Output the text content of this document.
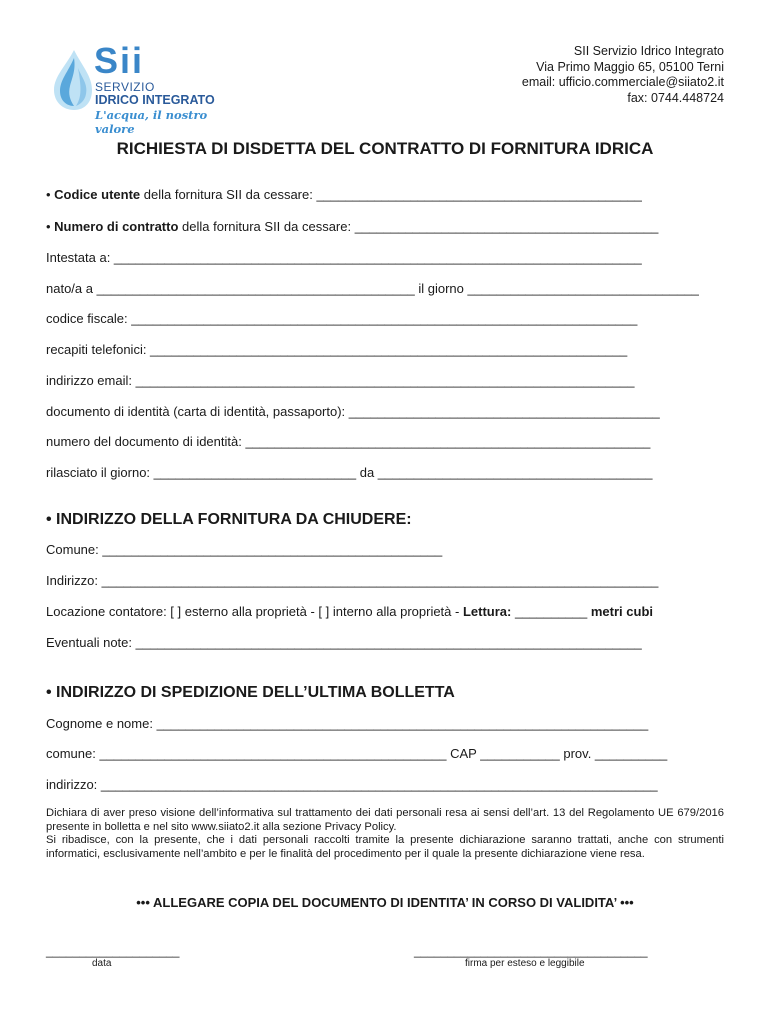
Sii
SERVIZIO
IDRICO INTEGRATO
L'acqua, il nostro valore
SII Servizio Idrico Integrato
Via Primo Maggio 65, 05100 Terni
email: ufficio.commerciale@siiato2.it
fax: 0744.448724
RICHIESTA DI DISDETTA DEL CONTRATTO DI FORNITURA IDRICA
• Codice utente della fornitura SII da cessare: _____________________________________________
• Numero di contratto della fornitura SII da cessare: __________________________________________
Intestata a: _________________________________________________________________________
nato/a a ____________________________________________ il giorno ________________________________
codice fiscale: ______________________________________________________________________
recapiti telefonici: __________________________________________________________________
indirizzo email: _____________________________________________________________________
documento di identità (carta di identità, passaporto): ___________________________________________
numero del documento di identità: ________________________________________________________
rilasciato il giorno: ____________________________ da ______________________________________
• INDIRIZZO DELLA FORNITURA DA CHIUDERE:
Comune: _______________________________________________
Indirizzo: _____________________________________________________________________________
Locazione contatore: [ ] esterno alla proprietà - [ ] interno alla proprietà - Lettura: __________ metri cubi
Eventuali note: ______________________________________________________________________
• INDIRIZZO DI SPEDIZIONE DELL’ULTIMA BOLLETTA
Cognome e nome: ____________________________________________________________________
comune: ________________________________________________ CAP ___________ prov. __________
indirizzo: _____________________________________________________________________________
Dichiara di aver preso visione dell’informativa sul trattamento dei dati personali resa ai sensi dell’art. 13 del Regolamento UE 679/2016 presente in bolletta e nel sito www.siiato2.it alla sezione Privacy Policy.
Si ribadisce, con la presente, che i dati personali raccolti tramite la presente dichiarazione saranno trattati, anche con strumenti informatici, esclusivamente nell’ambito e per le finalità del procedimento per il quale la presente dichiarazione viene resa.
••• ALLEGARE COPIA DEL DOCUMENTO DI IDENTITA’ IN CORSO DI VALIDITA’ •••
____________________
data
___________________________________
firma per esteso e leggibile
